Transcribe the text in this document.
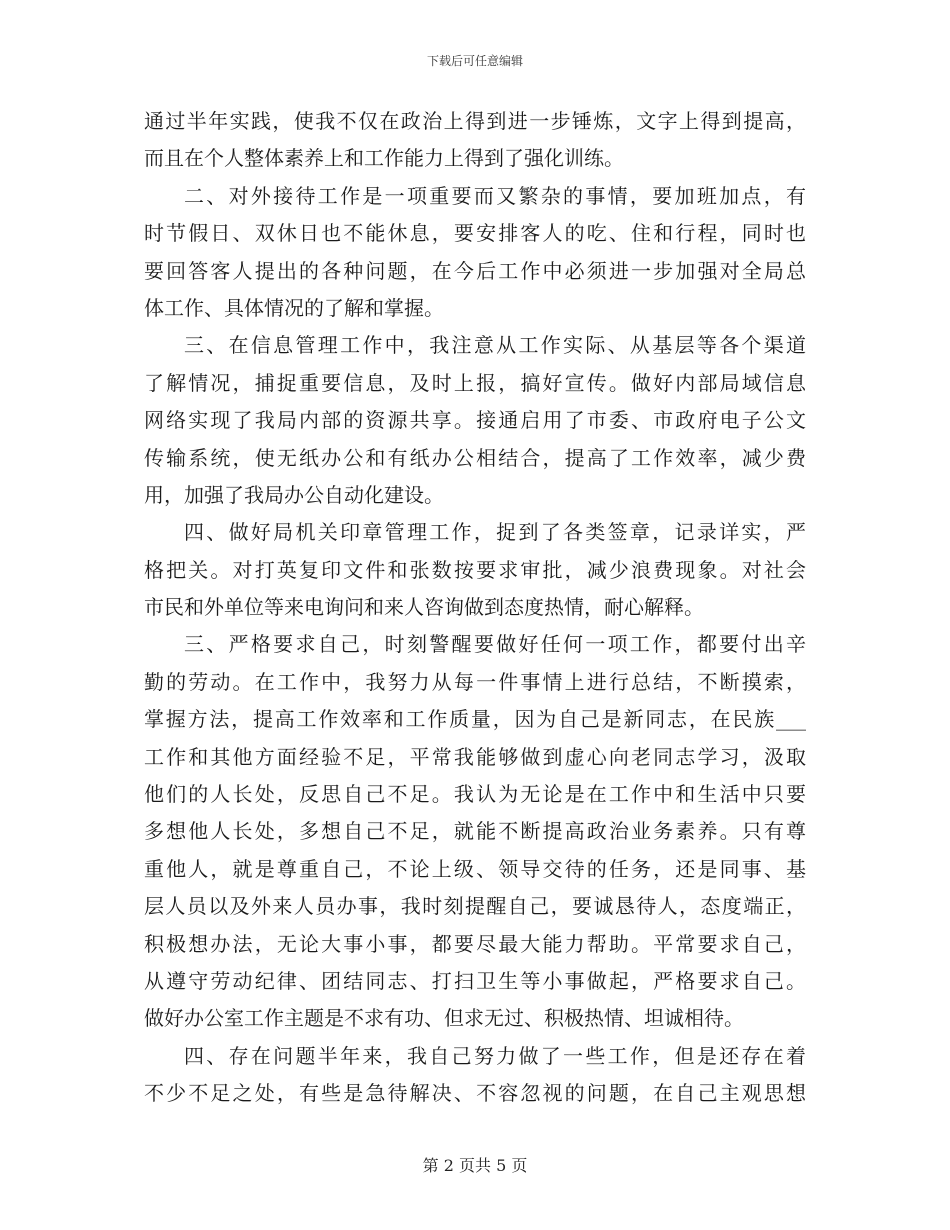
下载后可任意编辑
通过半年实践，使我不仅在政治上得到进一步锤炼，文字上得到提高，
而且在个人整体素养上和工作能力上得到了强化训练。
二、对外接待工作是一项重要而又繁杂的事情，要加班加点，有
时节假日、双休日也不能休息，要安排客人的吃、住和行程，同时也
要回答客人提出的各种问题，在今后工作中必须进一步加强对全局总
体工作、具体情况的了解和掌握。
三、在信息管理工作中，我注意从工作实际、从基层等各个渠道
了解情况，捕捉重要信息，及时上报，搞好宣传。做好内部局域信息
网络实现了我局内部的资源共享。接通启用了市委、市政府电子公文
传输系统，使无纸办公和有纸办公相结合，提高了工作效率，减少费
用，加强了我局办公自动化建设。
四、做好局机关印章管理工作，捉到了各类签章，记录详实，严
格把关。对打英复印文件和张数按要求审批，减少浪费现象。对社会
市民和外单位等来电询问和来人咨询做到态度热情，耐心解释。
三、严格要求自己，时刻警醒要做好任何一项工作，都要付出辛
勤的劳动。在工作中，我努力从每一件事情上进行总结，不断摸索，
掌握方法，提高工作效率和工作质量，因为自己是新同志，在民族___
工作和其他方面经验不足，平常我能够做到虚心向老同志学习，汲取
他们的人长处，反思自己不足。我认为无论是在工作中和生活中只要
多想他人长处，多想自己不足，就能不断提高政治业务素养。只有尊
重他人，就是尊重自己，不论上级、领导交待的任务，还是同事、基
层人员以及外来人员办事，我时刻提醒自己，要诚恳待人，态度端正，
积极想办法，无论大事小事，都要尽最大能力帮助。平常要求自己，
从遵守劳动纪律、团结同志、打扫卫生等小事做起，严格要求自己。
做好办公室工作主题是不求有功、但求无过、积极热情、坦诚相待。
四、存在问题半年来，我自己努力做了一些工作，但是还存在着
不少不足之处，有些是急待解决、不容忽视的问题，在自己主观思想
第 2 页共 5 页
